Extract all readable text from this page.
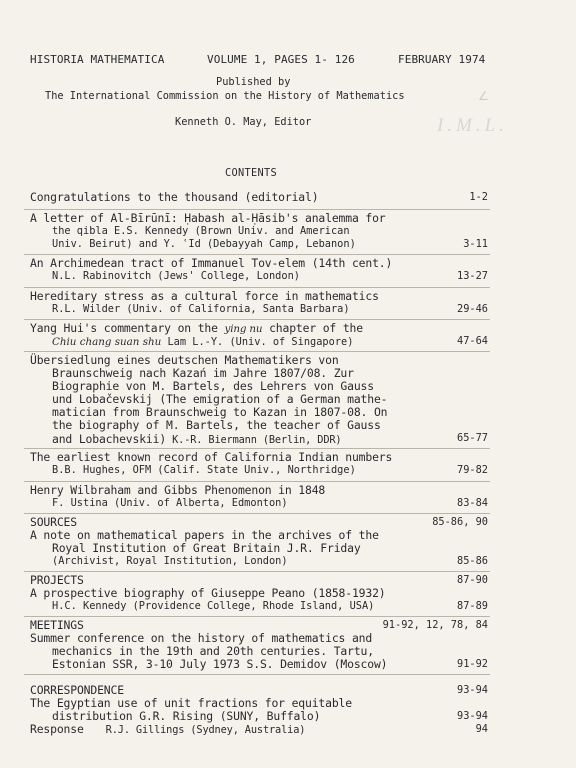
HISTORIA MATHEMATICA	VOLUME 1, PAGES 1- 126	FEBRUARY 1974
Published by
The International Commission on the History of Mathematics	∠
I.M.L.
Kenneth O. May, Editor
CONTENTS
Congratulations to the thousand (editorial)	1-2
A letter of Al-Bīrūnī: Ḥabash al-Ḥāsib's analemma for
the qibla E.S. Kennedy (Brown Univ. and American
Univ. Beirut) and Y. ʿId (Debayyah Camp, Lebanon)	3-11
An Archimedean tract of Immanuel Tov-elem (14th cent.)
N.L. Rabinovitch (Jews' College, London)	13-27
Hereditary stress as a cultural force in mathematics
R.L. Wilder (Univ. of California, Santa Barbara)	29-46
Yang Hui's commentary on the ying nu chapter of the
Chiu chang suan shu Lam L.-Y. (Univ. of Singapore)	47-64
Übersiedlung eines deutschen Mathematikers von
Braunschweig nach Kazań im Jahre 1807/08. Zur
Biographie von M. Bartels, des Lehrers von Gauss
und Lobačevskij (The emigration of a German mathe-
matician from Braunschweig to Kazan in 1807-08. On
the biography of M. Bartels, the teacher of Gauss
and Lobachevskii) K.-R. Biermann (Berlin, DDR)	65-77
The earliest known record of California Indian numbers
B.B. Hughes, OFM (Calif. State Univ., Northridge)	79-82
Henry Wilbraham and Gibbs Phenomenon in 1848
F. Ustina (Univ. of Alberta, Edmonton)	83-84
SOURCES	85-86, 90
A note on mathematical papers in the archives of the
Royal Institution of Great Britain J.R. Friday
(Archivist, Royal Institution, London)	85-86
PROJECTS	87-90
A prospective biography of Giuseppe Peano (1858-1932)
H.C. Kennedy (Providence College, Rhode Island, USA)	87-89
MEETINGS	91-92, 12, 78, 84
Summer conference on the history of mathematics and
mechanics in the 19th and 20th centuries. Tartu,
Estonian SSR, 3-10 July 1973 S.S. Demidov (Moscow)	91-92
CORRESPONDENCE	93-94
The Egyptian use of unit fractions for equitable
distribution G.R. Rising (SUNY, Buffalo)	93-94
Response R.J. Gillings (Sydney, Australia)	94
